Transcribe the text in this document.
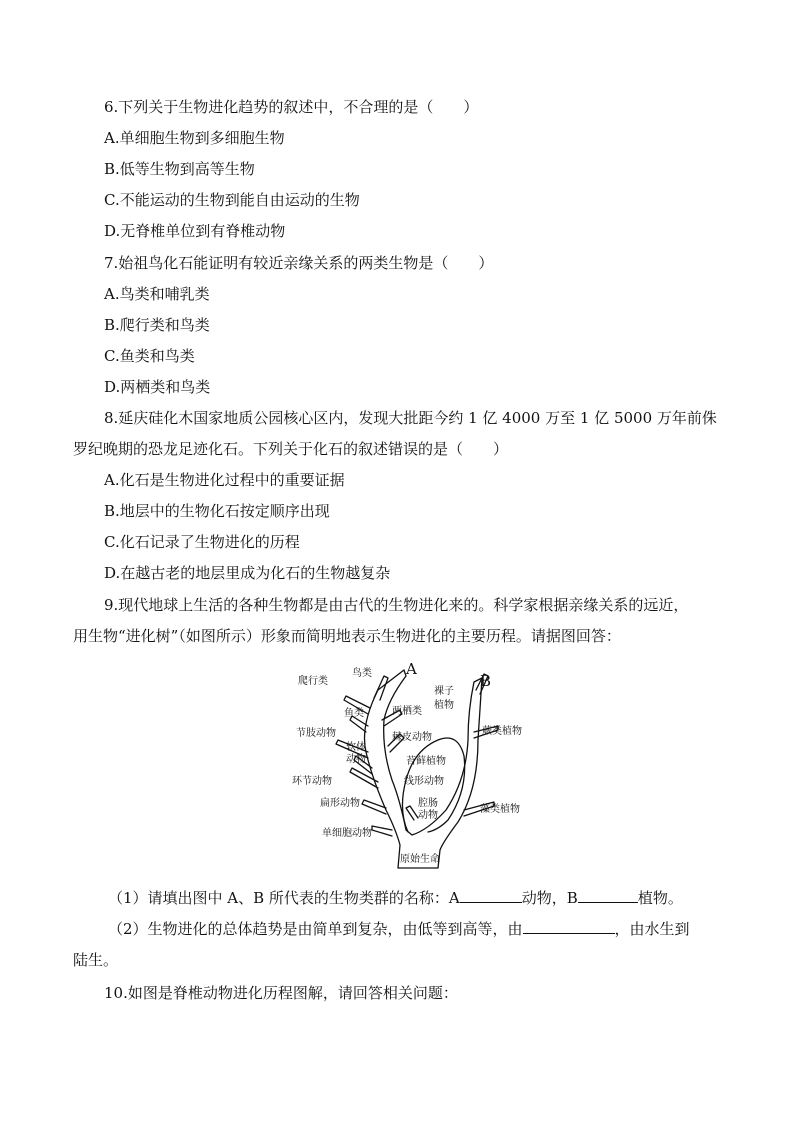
6.下列关于生物进化趋势的叙述中，不合理的是（　　）
A.单细胞生物到多细胞生物
B.低等生物到高等生物
C.不能运动的生物到能自由运动的生物
D.无脊椎单位到有脊椎动物
7.始祖鸟化石能证明有较近亲缘关系的两类生物是（　　）
A.鸟类和哺乳类
B.爬行类和鸟类
C.鱼类和鸟类
D.两栖类和鸟类
8.延庆硅化木国家地质公园核心区内，发现大批距今约 1 亿 4000 万至 1 亿 5000 万年前侏
罗纪晚期的恐龙足迹化石。下列关于化石的叙述错误的是（　　）
A.化石是生物进化过程中的重要证据
B.地层中的生物化石按定顺序出现
C.化石记录了生物进化的历程
D.在越古老的地层里成为化石的生物越复杂
9.现代地球上生活的各种生物都是由古代的生物进化来的。科学家根据亲缘关系的远近，
用生物“进化树”（如图所示）形象而简明地表示生物进化的主要历程。请据图回答：
鸟类 A
爬行类	B
裸子
植物
鱼类	两栖类
棘皮动物
蕨类植物
节肢动物
软体
动物	苔藓植物
环节动物	线形动物
扁形动物	腔肠
动物
藻类植物
单细胞动物
原始生命
（1）请填出图中 A、B 所代表的生物类群的名称：A	动物，B	植物。
（2）生物进化的总体趋势是由简单到复杂，由低等到高等，由	，由水生到
陆生。
10.如图是脊椎动物进化历程图解，请回答相关问题：
